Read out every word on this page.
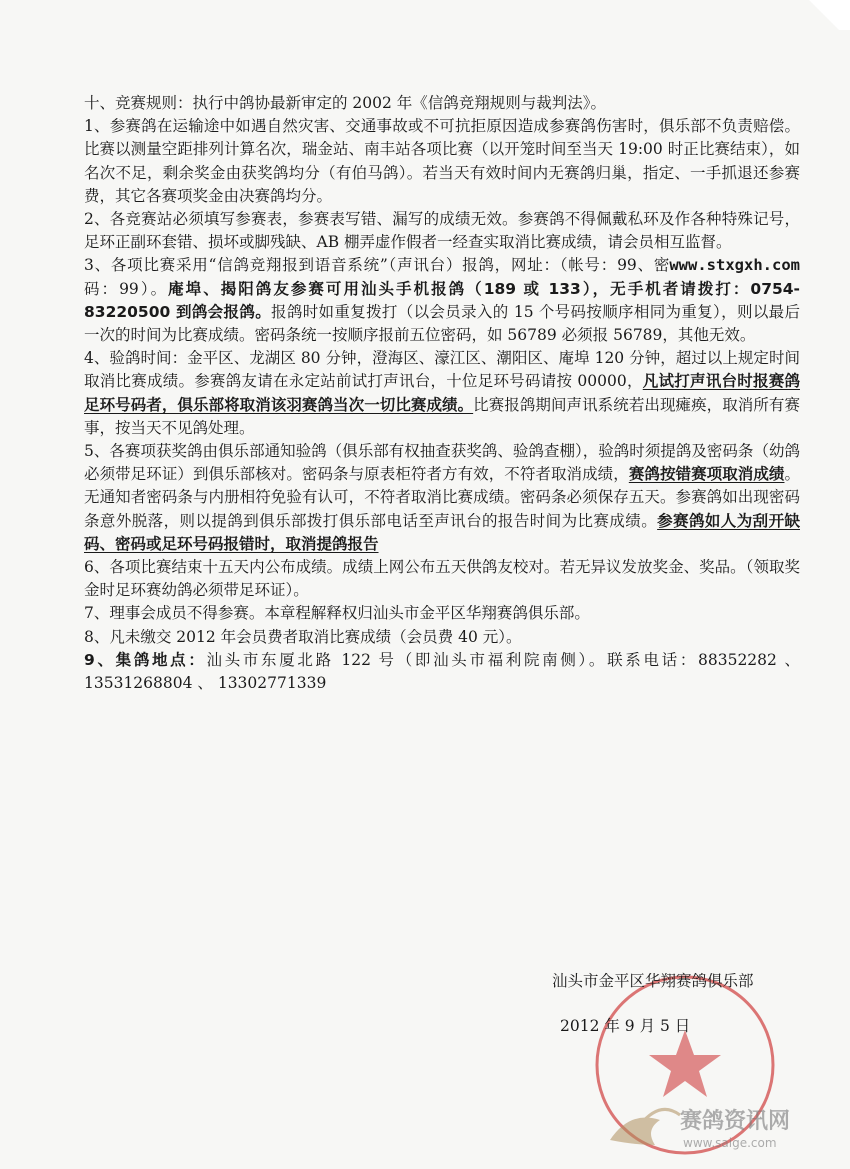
十、竞赛规则：执行中鸽协最新审定的 2002 年《信鸽竞翔规则与裁判法》。

1、参赛鸽在运输途中如遇自然灾害、交通事故或不可抗拒原因造成参赛鸽伤害时，俱乐部不负责赔偿。比赛以测量空距排列计算名次，瑞金站、南丰站各项比赛（以开笼时间至当天 19:00 时正比赛结束），如名次不足，剩余奖金由获奖鸽均分（有伯马鸽）。若当天有效时间内无赛鸽归巢，指定、一手抓退还参赛费，其它各赛项奖金由决赛鸽均分。

2、各竞赛站必须填写参赛表，参赛表写错、漏写的成绩无效。参赛鸽不得佩戴私环及作各种特殊记号，足环正副环套错、损坏或脚残缺、AB 棚弄虚作假者一经查实取消比赛成绩，请会员相互监督。

www.stxgxh.com
3、各项比赛采用“信鸽竞翔报到语音系统”（声讯台）报鸽，网址：（帐号：99、密码：99）。庵埠、揭阳鸽友参赛可用汕头手机报鸽（189 或 133），无手机者请拨打：0754-83220500 到鸽会报鸽。报鸽时如重复拨打（以会员录入的 15 个号码按顺序相同为重复），则以最后一次的时间为比赛成绩。密码条统一按顺序报前五位密码，如 56789 必须报 56789，其他无效。

4、验鸽时间：金平区、龙湖区 80 分钟，澄海区、濠江区、潮阳区、庵埠 120 分钟，超过以上规定时间取消比赛成绩。参赛鸽友请在永定站前试打声讯台，十位足环号码请按 00000，凡试打声讯台时报赛鸽足环号码者，俱乐部将取消该羽赛鸽当次一切比赛成绩。比赛报鸽期间声讯系统若出现瘫痪，取消所有赛事，按当天不见鸽处理。

5、各赛项获奖鸽由俱乐部通知验鸽（俱乐部有权抽查获奖鸽、验鸽查棚），验鸽时须提鸽及密码条（幼鸽必须带足环证）到俱乐部核对。密码条与原表柜符者方有效，不符者取消成绩，赛鸽按错赛项取消成绩。无通知者密码条与内册相符免验有认可，不符者取消比赛成绩。密码条必须保存五天。参赛鸽如出现密码条意外脱落，则以提鸽到俱乐部拨打俱乐部电话至声讯台的报告时间为比赛成绩。参赛鸽如人为刮开缺码、密码或足环号码报错时，取消提鸽报告

6、各项比赛结束十五天内公布成绩。成绩上网公布五天供鸽友校对。若无异议发放奖金、奖品。（领取奖金时足环赛幼鸽必须带足环证）。

7、理事会成员不得参赛。本章程解释权归汕头市金平区华翔赛鸽俱乐部。

8、凡未缴交 2012 年会员费者取消比赛成绩（会员费 40 元）。

9、集鸽地点：汕头市东厦北路 122 号（即汕头市福利院南侧）。联系电话：88352282 、13531268804 、 13302771339

汕头市金平区华翔赛鸽俱乐部
2012 年 9 月 5 日
赛鸽资讯网
www.saige.com
